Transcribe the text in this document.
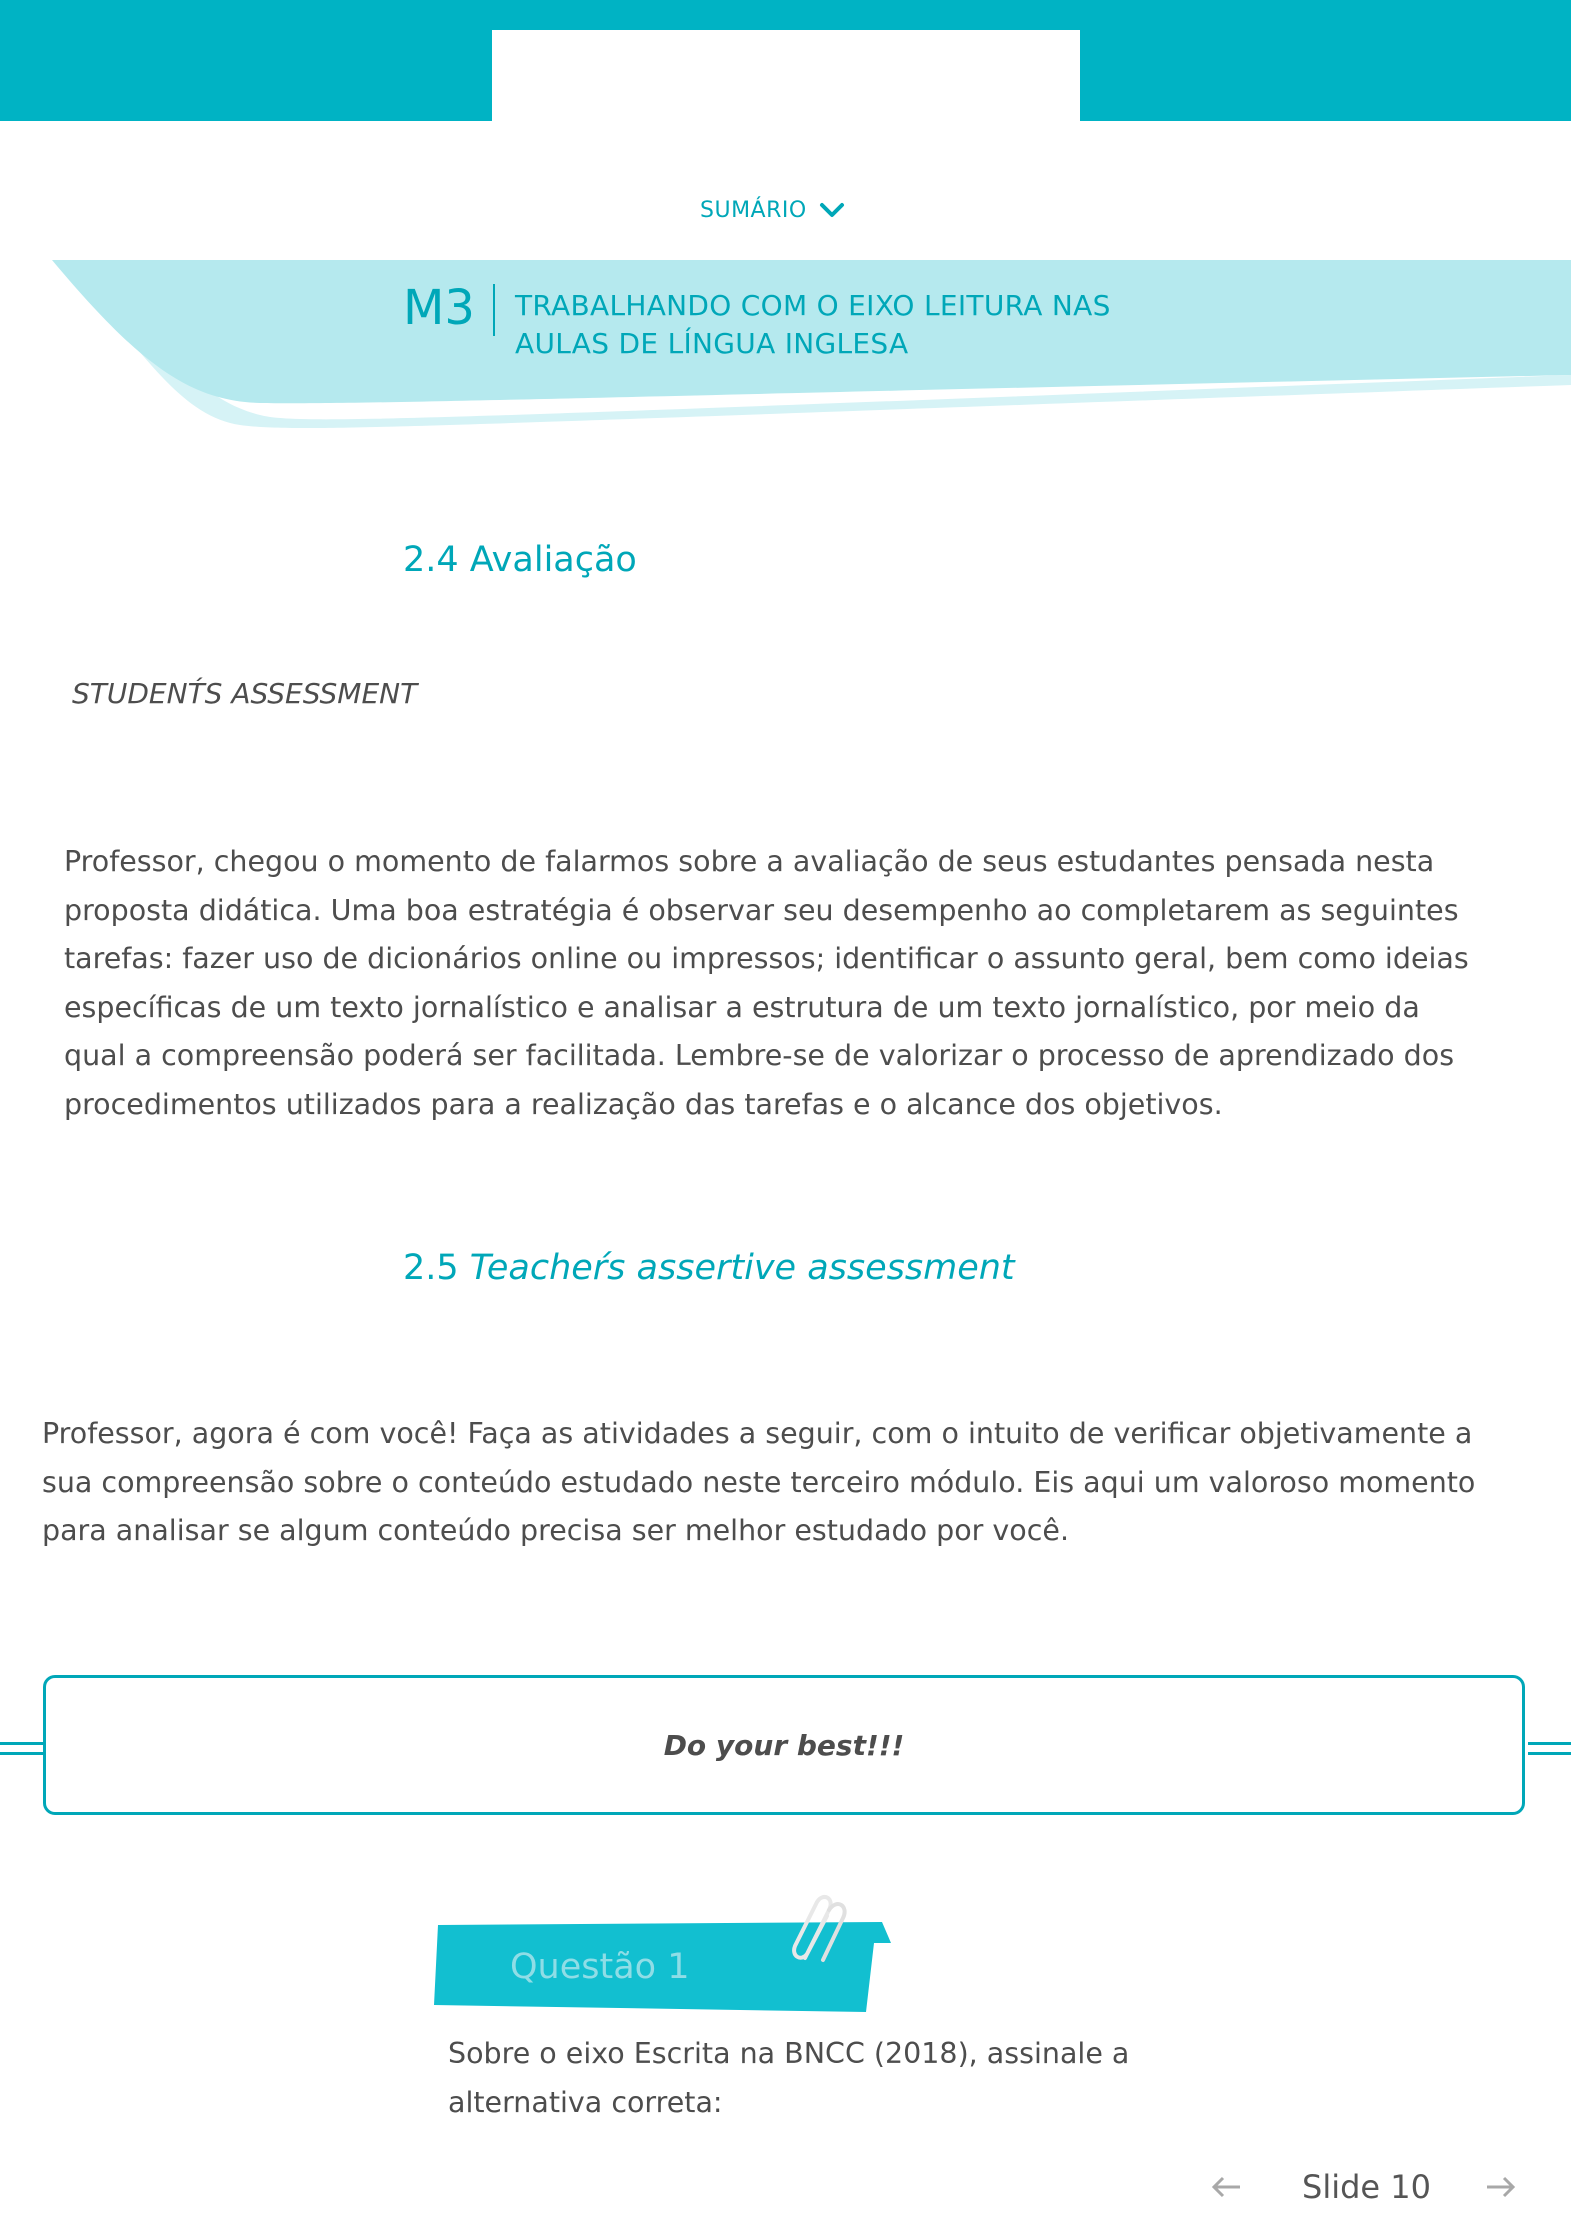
SUMÁRIO
M3 TRABALHANDO COM O EIXO LEITURA NAS
AULAS DE LÍNGUA INGLESA
2.4 Avaliação
STUDENT́S ASSESSMENT
Professor, chegou o momento de falarmos sobre a avaliação de seus estudantes pensada nesta proposta didática. Uma boa estratégia é observar seu desempenho ao completarem as seguintes tarefas: fazer uso de dicionários online ou impressos; identificar o assunto geral, bem como ideias específicas de um texto jornalístico e analisar a estrutura de um texto jornalístico, por meio da qual a compreensão poderá ser facilitada. Lembre-se de valorizar o processo de aprendizado dos procedimentos utilizados para a realização das tarefas e o alcance dos objetivos.
2.5 Teacheŕs assertive assessment
Professor, agora é com você! Faça as atividades a seguir, com o intuito de verificar objetivamente a sua compreensão sobre o conteúdo estudado neste terceiro módulo. Eis aqui um valoroso momento para analisar se algum conteúdo precisa ser melhor estudado por você.
Do your best!!!
Questão 1
Sobre o eixo Escrita na BNCC (2018), assinale a alternativa correta:
Slide 10
